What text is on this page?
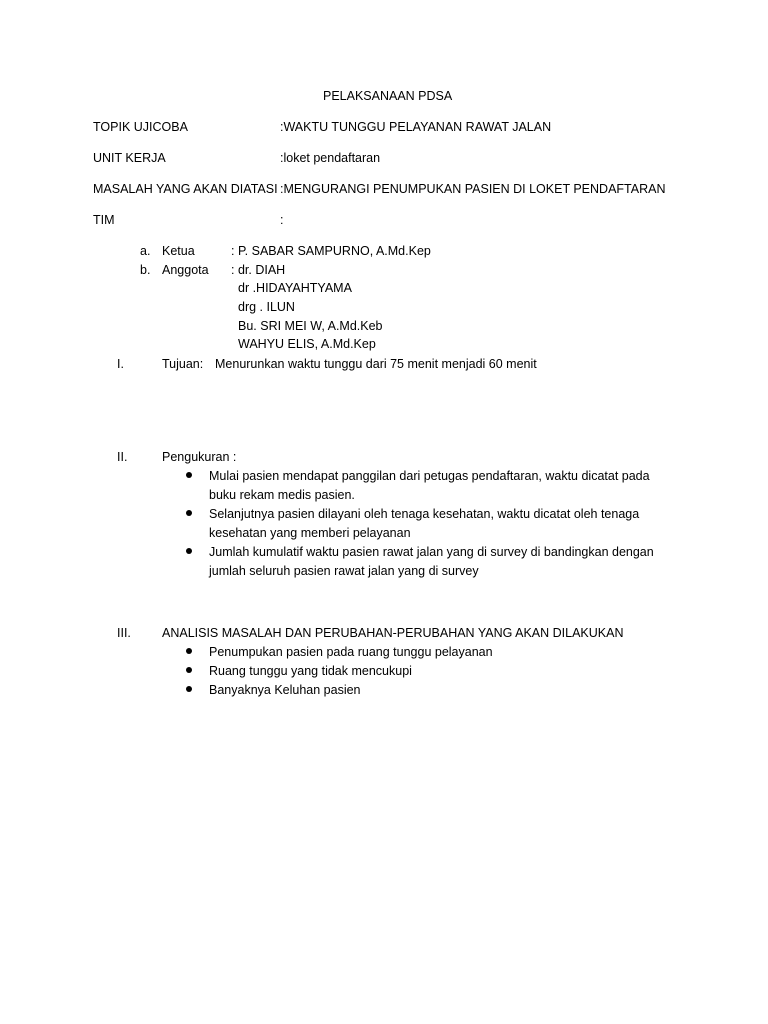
PELAKSANAAN PDSA
TOPIK UJICOBA	:WAKTU TUNGGU PELAYANAN RAWAT JALAN
UNIT KERJA	:loket pendaftaran
MASALAH YANG AKAN DIATASI :MENGURANGI PENUMPUKAN PASIEN DI LOKET PENDAFTARAN
TIM	:
a. Ketua	: P. SABAR SAMPURNO, A.Md.Kep
b. Anggota : dr. DIAH
dr .HIDAYAHTYAMA
drg . ILUN
Bu. SRI MEI W, A.Md.Keb
WAHYU ELIS, A.Md.Kep
I.	Tujuan: Menurunkan waktu tunggu dari 75 menit menjadi 60 menit
II.	Pengukuran :
Mulai pasien mendapat panggilan dari petugas pendaftaran, waktu dicatat pada
buku rekam medis pasien.
Selanjutnya pasien dilayani oleh tenaga kesehatan, waktu dicatat oleh tenaga
kesehatan yang memberi pelayanan
Jumlah kumulatif waktu pasien rawat jalan yang di survey di bandingkan dengan
jumlah seluruh pasien rawat jalan yang di survey
III. ANALISIS MASALAH DAN PERUBAHAN-PERUBAHAN YANG AKAN DILAKUKAN
Penumpukan pasien pada ruang tunggu pelayanan
Ruang tunggu yang tidak mencukupi
Banyaknya Keluhan pasien
